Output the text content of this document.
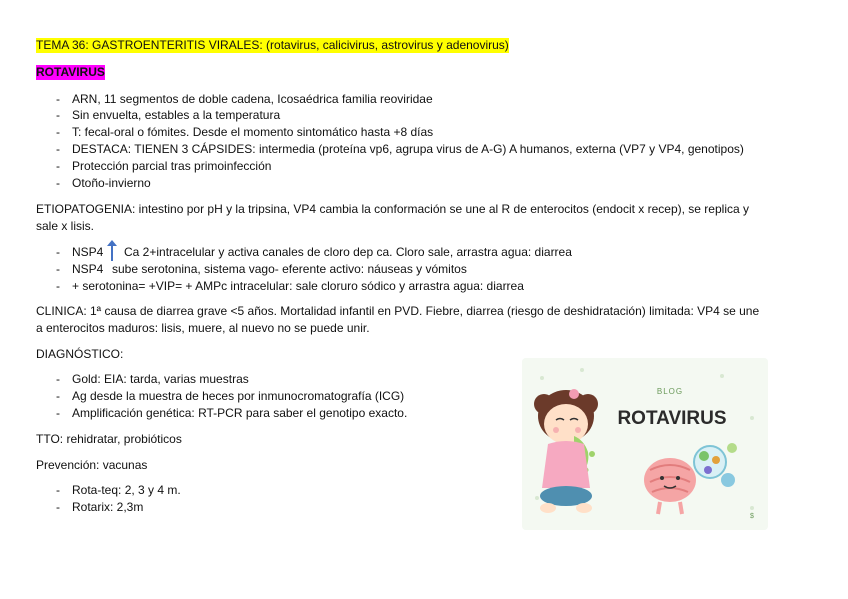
TEMA 36: GASTROENTERITIS VIRALES: (rotavirus, calicivirus, astrovirus y adenovirus)
ROTAVIRUS
- ARN, 11 segmentos de doble cadena, Icosaédrica familia reoviridae
- Sin envuelta, estables a la temperatura
- T: fecal-oral o fómites. Desde el momento sintomático hasta +8 días
- DESTACA: TIENEN 3 CÁPSIDES: intermedia (proteína vp6, agrupa virus de A-G) A humanos, externa (VP7 y VP4, genotipos)
- Protección parcial tras primoinfección
- Otoño-invierno
ETIOPATOGENIA: intestino por pH y la tripsina, VP4 cambia la conformación se une al R de enterocitos (endocit x recep), se replica y
sale x lisis.
- NSP4 Ca 2+intracelular y activa canales de cloro dep ca. Cloro sale, arrastra agua: diarrea
- NSP4 sube serotonina, sistema vago- eferente activo: náuseas y vómitos
- + serotonina= +VIP= + AMPc intracelular: sale cloruro sódico y arrastra agua: diarrea
CLINICA: 1ª causa de diarrea grave <5 años. Mortalidad infantil en PVD. Fiebre, diarrea (riesgo de deshidratación) limitada: VP4 se une
a enterocitos maduros: lisis, muere, al nuevo no se puede unir.
DIAGNÓSTICO:
- Gold: EIA: tarda, varias muestras
- Ag desde la muestra de heces por inmunocromatografía (ICG)
- Amplificación genética: RT-PCR para saber el genotipo exacto.
TTO: rehidratar, probióticos
Prevención: vacunas
- Rota-teq: 2, 3 y 4 m.
- Rotarix: 2,3m
BLOG
ROTAVIRUS
$
